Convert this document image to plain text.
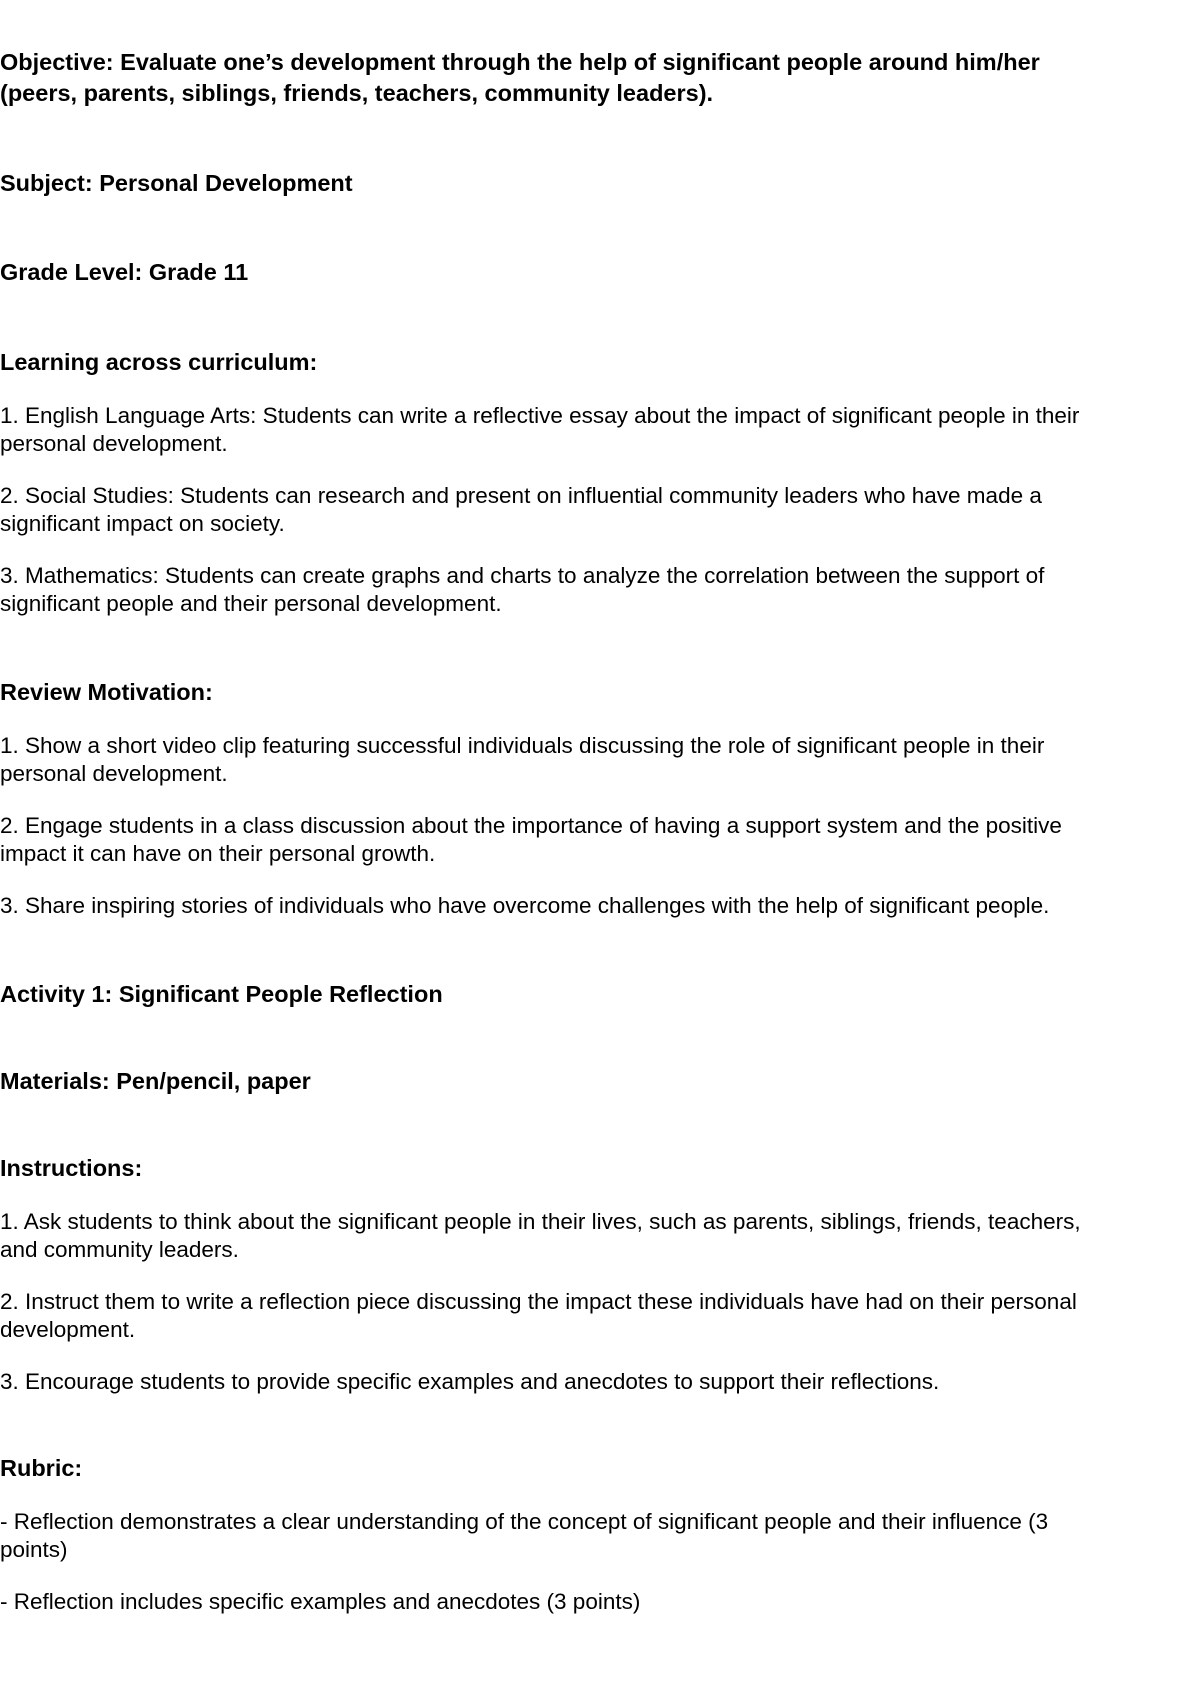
Objective: Evaluate one’s development through the help of significant people around him/her
(peers, parents, siblings, friends, teachers, community leaders).
Subject: Personal Development
Grade Level: Grade 11
Learning across curriculum:
1. English Language Arts: Students can write a reflective essay about the impact of significant people in their
personal development.
2. Social Studies: Students can research and present on influential community leaders who have made a
significant impact on society.
3. Mathematics: Students can create graphs and charts to analyze the correlation between the support of
significant people and their personal development.
Review Motivation:
1. Show a short video clip featuring successful individuals discussing the role of significant people in their
personal development.
2. Engage students in a class discussion about the importance of having a support system and the positive
impact it can have on their personal growth.
3. Share inspiring stories of individuals who have overcome challenges with the help of significant people.
Activity 1: Significant People Reflection
Materials: Pen/pencil, paper
Instructions:
1. Ask students to think about the significant people in their lives, such as parents, siblings, friends, teachers,
and community leaders.
2. Instruct them to write a reflection piece discussing the impact these individuals have had on their personal
development.
3. Encourage students to provide specific examples and anecdotes to support their reflections.
Rubric:
- Reflection demonstrates a clear understanding of the concept of significant people and their influence (3
points)
- Reflection includes specific examples and anecdotes (3 points)
